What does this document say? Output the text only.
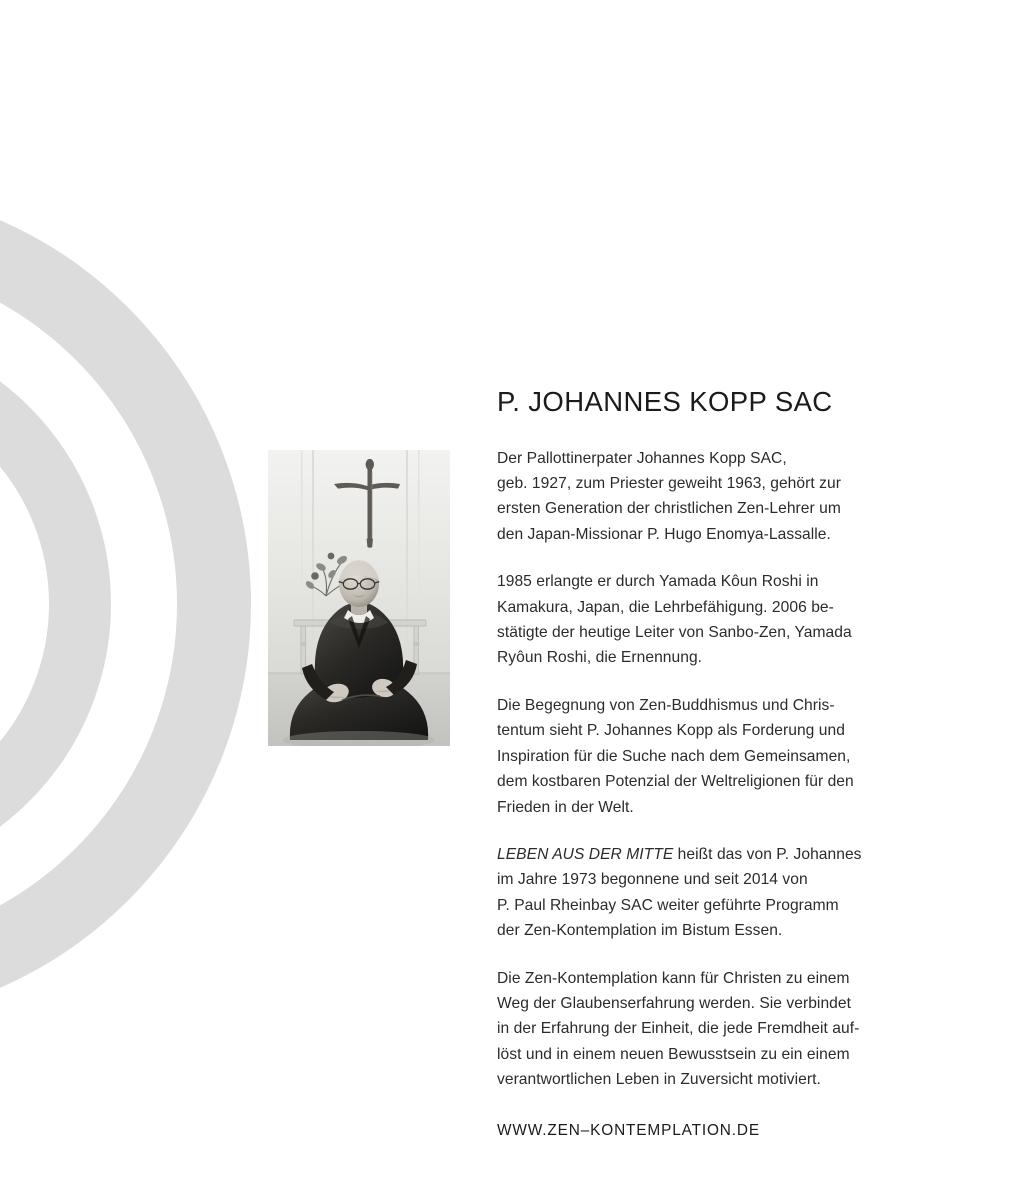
P. JOHANNES KOPP SAC

Der Pallottinerpater Johannes Kopp SAC,
geb. 1927, zum Priester geweiht 1963, gehört zur
ersten Generation der christlichen Zen-Lehrer um
den Japan-Missionar P. Hugo Enomya-Lassalle.

1985 erlangte er durch Yamada Kôun Roshi in
Kamakura, Japan, die Lehrbefähigung. 2006 be-
stätigte der heutige Leiter von Sanbo-Zen, Yamada
Ryôun Roshi, die Ernennung.

Die Begegnung von Zen-Buddhismus und Chris-
tentum sieht P. Johannes Kopp als Forderung und
Inspiration für die Suche nach dem Gemeinsamen,
dem kostbaren Potenzial der Weltreligionen für den
Frieden in der Welt.

LEBEN AUS DER MITTE heißt das von P. Johannes
im Jahre 1973 begonnene und seit 2014 von
P. Paul Rheinbay SAC weiter geführte Programm
der Zen-Kontemplation im Bistum Essen.

Die Zen-Kontemplation kann für Christen zu einem
Weg der Glaubenserfahrung werden. Sie verbindet
in der Erfahrung der Einheit, die jede Fremdheit auf-
löst und in einem neuen Bewusstsein zu ein einem
verantwortlichen Leben in Zuversicht motiviert.

WWW.ZEN–KONTEMPLATION.DE
